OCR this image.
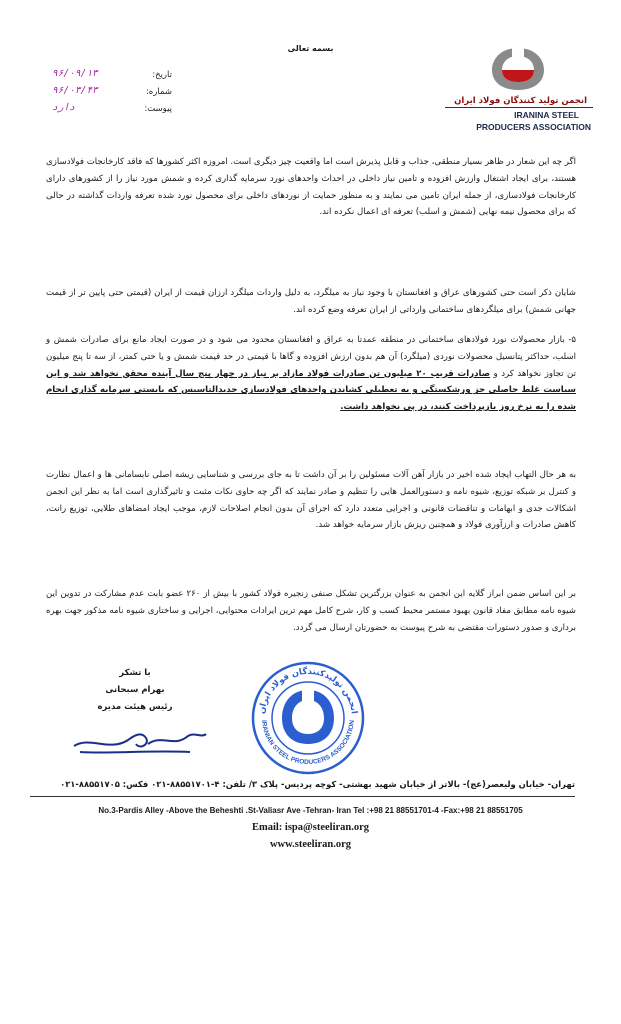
بسمه تعالی
انجمن تولید کنندگان فولاد ایران
IRANINA STEEL
PRODUCERS ASSOCIATION
تاریخ:
۹۶/۰۹/۱۳
شماره:
۹۶/۰۳/۴۳
پیوست:
دارد
اگر چه این شعار در ظاهر بسیار منطقی، جذاب و قابل پذیرش است اما واقعیت چیز دیگری است. امروزه اکثر کشورها که فاقد کارخانجات فولادسازی هستند، برای ایجاد اشتغال وارزش افزوده و تامین نیاز داخلی در احداث واحدهای نورد سرمایه گذاری کرده و شمش مورد نیاز را از کشورهای دارای کارخانجات فولادسازی، از جمله ایران تامین می نمایند و به منظور حمایت از نوردهای داخلی برای محصول نورد شده تعرفه واردات گذاشته در حالی که برای محصول نیمه نهایی (شمش و اسلب) تعرفه ای اعمال نکرده اند.
شایان ذکر است حتی کشورهای عراق و افغانستان با وجود نیاز به میلگرد، به دلیل واردات میلگرد ارزان قیمت از ایران (قیمتی حتی پایین تر از قیمت جهانی شمش) برای میلگردهای ساختمانی وارداتی از ایران تعرفه وضع کرده اند.
۵- بازار محصولات نورد فولادهای ساختمانی در منطقه عمدتا به عراق و افغانستان محدود می شود و در صورت ایجاد مانع برای صادرات شمش و اسلب، حداکثر پتانسیل محصولات نوردی (میلگرد) آن هم بدون ارزش افزوده و گاها با قیمتی در حد قیمت شمش و یا حتی کمتر، از سه تا پنج میلیون تن تجاوز نخواهد کرد و صادرات قریب ۲۰ میلیون تن صادرات فولاد مازاد بر نیاز در چهار پنج سال آینده محقق نخواهد شد و این سیاست غلط حاصلی جز ورشکستگی و به تعطیلی کشاندن واحدهای فولادسازی جدیدالتاسیس که بایستی سرمایه گذاری انجام شده را به نرخ روز بازپرداخت کنند، در پی نخواهد داشت.
به هر حال التهاب ایجاد شده اخیر در بازار آهن آلات مسئولین را بر آن داشت تا به جای بررسی و شناسایی ریشه اصلی نابسامانی ها و اعمال نظارت و کنترل بر شبکه توزیع، شیوه نامه و دستورالعمل هایی را تنظیم و صادر نمایند که اگر چه حاوی نکات مثبت و تاثیرگذاری است اما به نظر این انجمن اشکالات جدی و ابهامات و تناقضات قانونی و اجرایی متعدد دارد که اجرای آن بدون انجام اصلاحات لازم، موجب ایجاد امضاهای طلایی، توزیع رانت، کاهش صادرات و ارزآوری فولاد و همچنین ریزش بازار سرمایه خواهد شد.
بر این اساس ضمن ابراز گلایه این انجمن به عنوان بزرگترین تشکل صنفی زنجیره فولاد کشور با بیش از ۲۶۰ عضو بابت عدم مشارکت در تدوین این شیوه نامه مطابق مفاد قانون بهبود مستمر محیط کسب و کار، شرح کامل مهم ترین ایرادات محتوایی، اجرایی و ساختاری شیوه نامه مذکور جهت بهره برداری و صدور دستورات مقتضی به شرح پیوست به حضورتان ارسال می گردد.
با تشکر
بهرام سبحانی
رئیس هیئت مدیره	انجمن تولیدکنندگان فولاد ایران
IRANIAN STEEL PRODUCERS ASSOCIATION
تهران- خیابان ولیعصر(عج)- بالاتر از خیابان شهید بهشتی- کوچه پردیس- پلاک ۳/ تلفن: ۴-۸۸۵۵۱۷۰۱-۰۲۱ فکس: ۸۸۵۵۱۷۰۵-۰۲۱
No.3-Pardis Alley -Above the Beheshti .St-Valiasr Ave -Tehran- Iran Tel :+98 21 88551701-4 -Fax:+98 21 88551705
Email: ispa@steeliran.org
www.steeliran.org
